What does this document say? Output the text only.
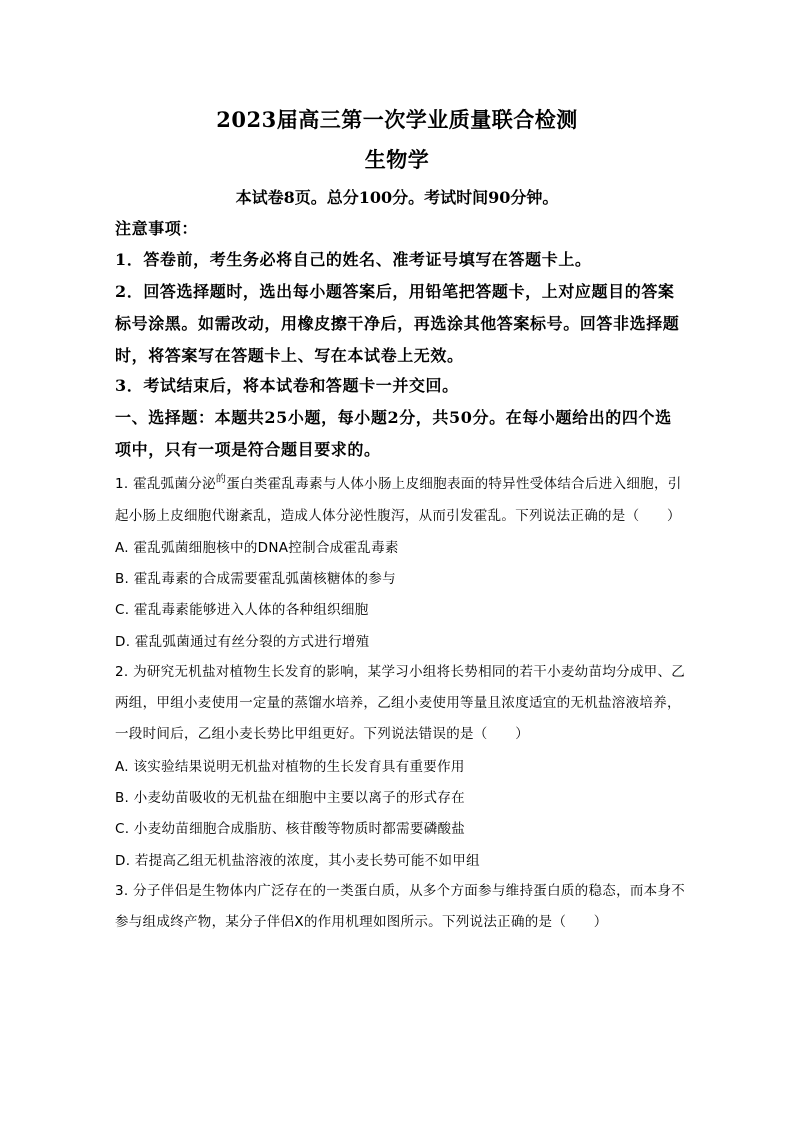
2023届高三第一次学业质量联合检测
生物学
本试卷8页。总分100分。考试时间90分钟。
注意事项：
1．答卷前，考生务必将自己的姓名、准考证号填写在答题卡上。
2．回答选择题时，选出每小题答案后，用铅笔把答题卡，上对应题目的答案标号涂黑。如需改动，用橡皮擦干净后，再选涂其他答案标号。回答非选择题时，将答案写在答题卡上、写在本试卷上无效。
3．考试结束后，将本试卷和答题卡一并交回。
一、选择题：本题共25小题，每小题2分，共50分。在每小题给出的四个选项中，只有一项是符合题目要求的。
1. 霍乱弧菌分泌$^的$蛋白类霍乱毒素与人体小肠上皮细胞表面的特异性受体结合后进入细胞，引起小肠上皮细胞代谢紊乱，造成人体分泌性腹泻，从而引发霍乱。下列说法正确的是（　　）
A. 霍乱弧菌细胞核中的DNA控制合成霍乱毒素
B. 霍乱毒素的合成需要霍乱弧菌核糖体的参与
C. 霍乱毒素能够进入人体的各种组织细胞
D. 霍乱弧菌通过有丝分裂的方式进行增殖
2. 为研究无机盐对植物生长发育的影响，某学习小组将长势相同的若干小麦幼苗均分成甲、乙两组，甲组小麦使用一定量的蒸馏水培养，乙组小麦使用等量且浓度适宜的无机盐溶液培养，一段时间后，乙组小麦长势比甲组更好。下列说法错误的是（　　）
A. 该实验结果说明无机盐对植物的生长发育具有重要作用
B. 小麦幼苗吸收的无机盐在细胞中主要以离子的形式存在
C. 小麦幼苗细胞合成脂肪、核苷酸等物质时都需要磷酸盐
D. 若提高乙组无机盐溶液的浓度，其小麦长势可能不如甲组
3. 分子伴侣是生物体内广泛存在的一类蛋白质，从多个方面参与维持蛋白质的稳态，而本身不参与组成终产物，某分子伴侣X的作用机理如图所示。下列说法正确的是（　　）
